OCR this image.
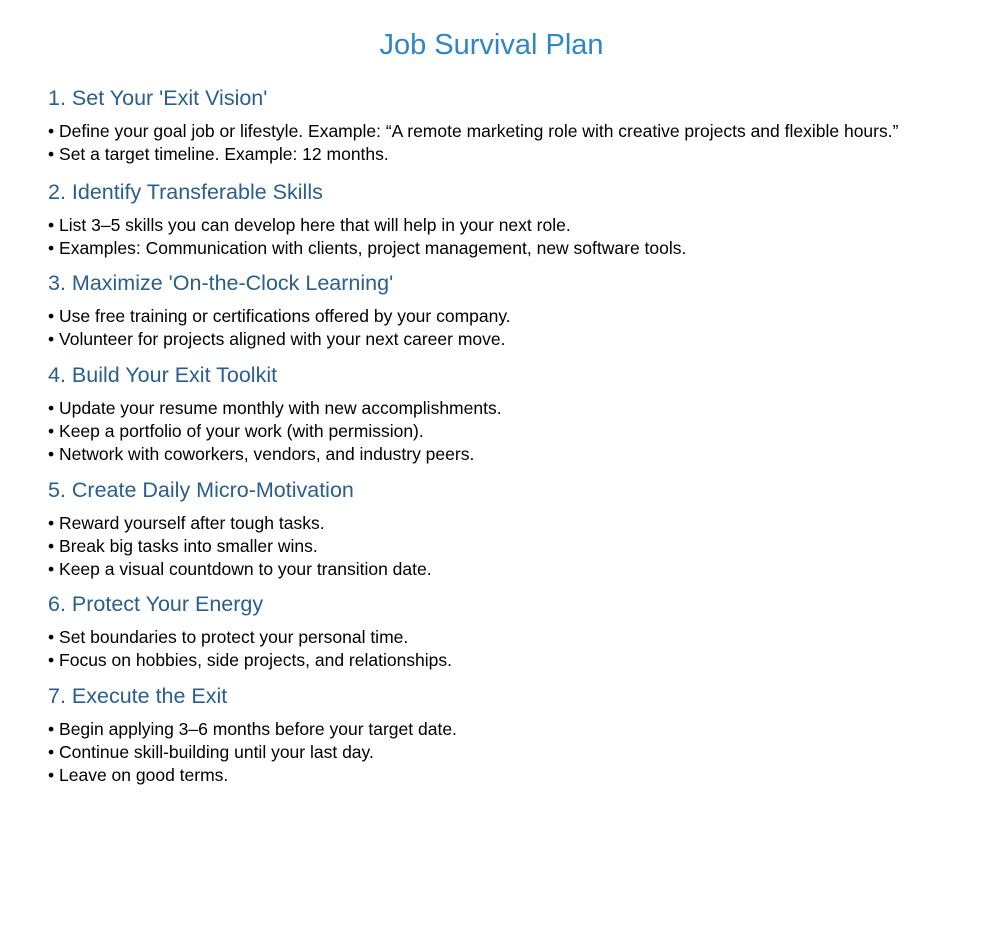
Job Survival Plan
1. Set Your 'Exit Vision'
• Define your goal job or lifestyle. Example: “A remote marketing role with creative projects and flexible hours.”
• Set a target timeline. Example: 12 months.
2. Identify Transferable Skills
• List 3–5 skills you can develop here that will help in your next role.
• Examples: Communication with clients, project management, new software tools.
3. Maximize 'On-the-Clock Learning'
• Use free training or certifications offered by your company.
• Volunteer for projects aligned with your next career move.
4. Build Your Exit Toolkit
• Update your resume monthly with new accomplishments.
• Keep a portfolio of your work (with permission).
• Network with coworkers, vendors, and industry peers.
5. Create Daily Micro-Motivation
• Reward yourself after tough tasks.
• Break big tasks into smaller wins.
• Keep a visual countdown to your transition date.
6. Protect Your Energy
• Set boundaries to protect your personal time.
• Focus on hobbies, side projects, and relationships.
7. Execute the Exit
• Begin applying 3–6 months before your target date.
• Continue skill-building until your last day.
• Leave on good terms.
